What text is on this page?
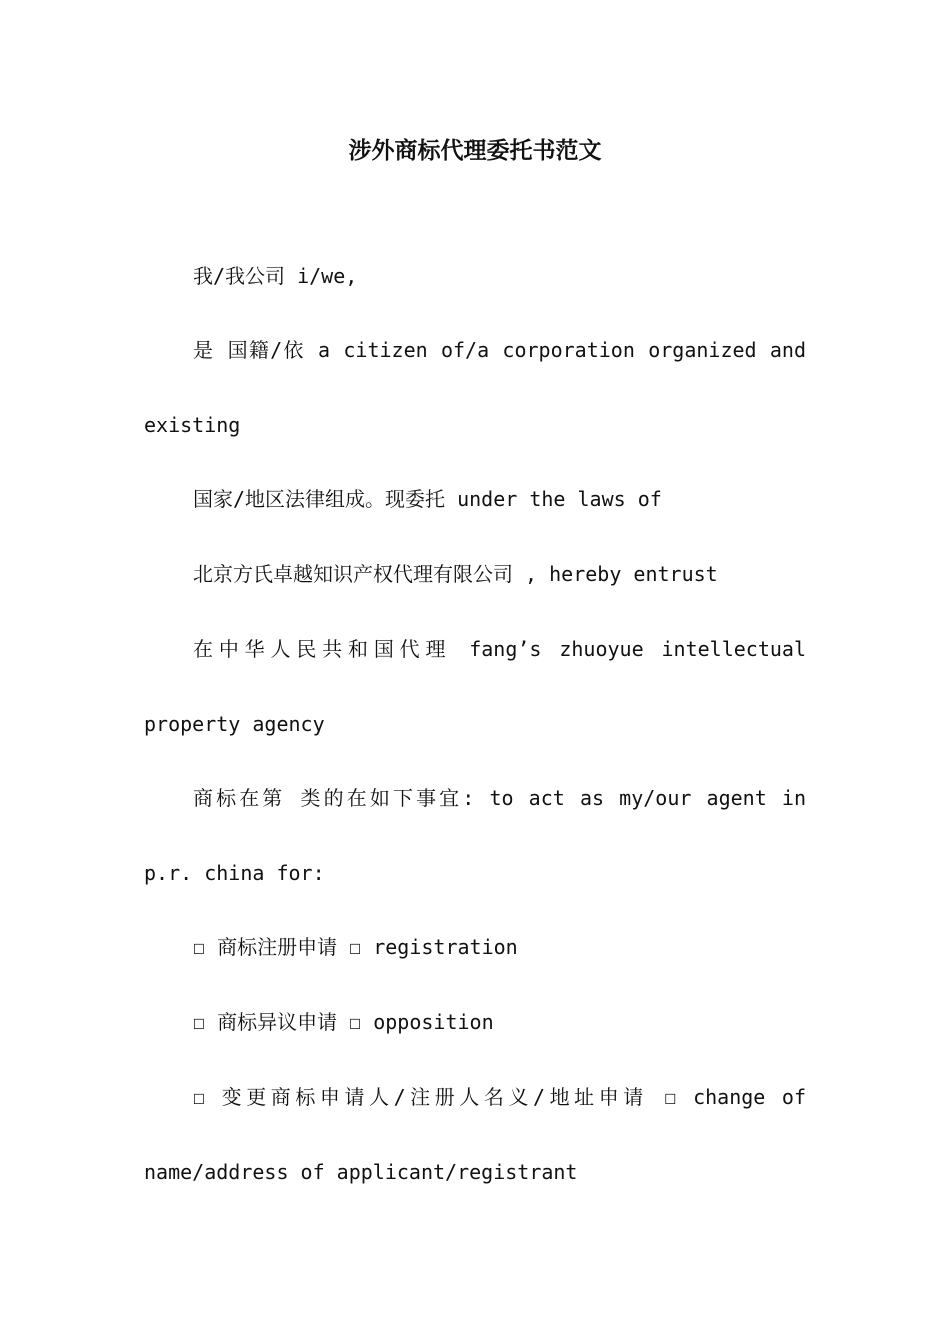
涉外商标代理委托书范文

我/我公司 i/we,

是 国籍/依 a citizen of/a corporation organized and existing

国家/地区法律组成。现委托 under the laws of

北京方氏卓越知识产权代理有限公司 , hereby entrust

在中华人民共和国代理 fang’s zhuoyue intellectual property agency

商标在第 类的在如下事宜: to act as my/our agent in p.r. china for:

☐ 商标注册申请 ☐ registration

☐ 商标异议申请 ☐ opposition

☐ 变更商标申请人/注册人名义/地址申请 ☐ change of name/address of applicant/registrant
